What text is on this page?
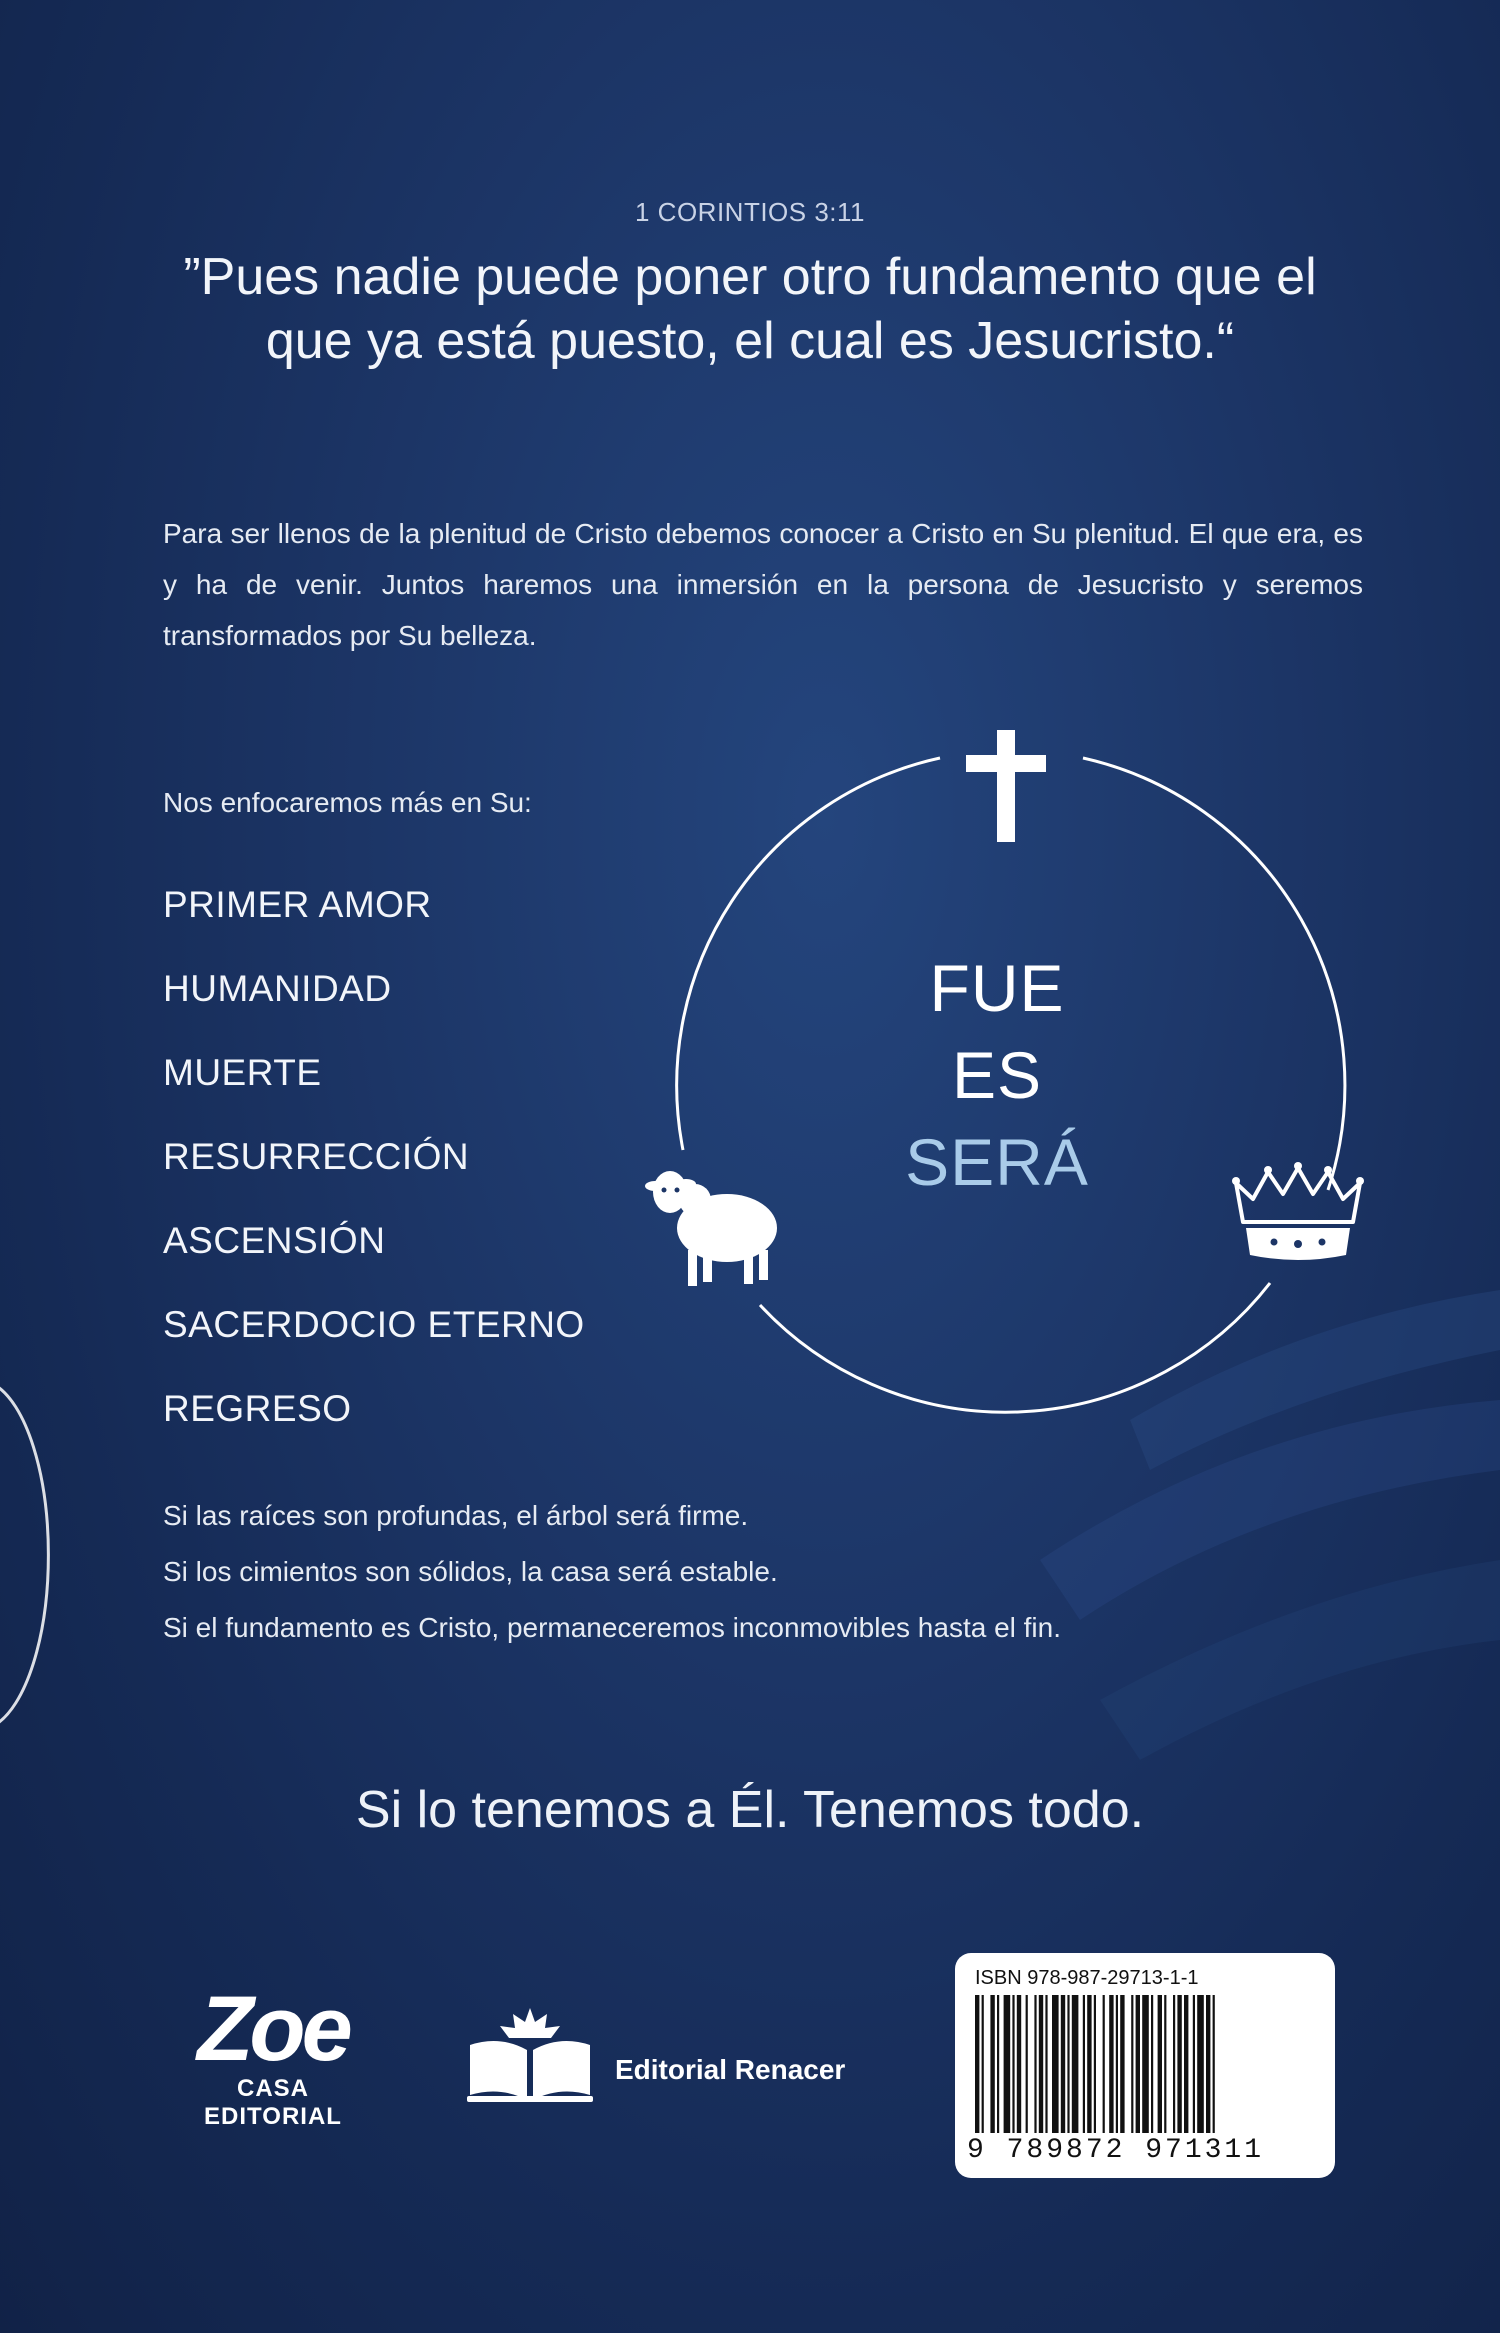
1 CORINTIOS 3:11
”Pues nadie puede poner otro fundamento que el que ya está puesto, el cual es Jesucristo.“
Para ser llenos de la plenitud de Cristo debemos conocer a Cristo en Su plenitud. El que era, es y ha de venir. Juntos haremos una inmersión en la persona de Jesucristo y seremos transformados por Su belleza.
Nos enfocaremos más en Su:
PRIMER AMOR
HUMANIDAD
MUERTE
RESURRECCIÓN
ASCENSIÓN
SACERDOCIO ETERNO
REGRESO
FUE
ES
SERÁ
Si las raíces son profundas, el árbol será firme.
Si los cimientos son sólidos, la casa será estable.
Si el fundamento es Cristo, permaneceremos inconmovibles hasta el fin.
Si lo tenemos a Él. Tenemos todo.
Zoe
CASA EDITORIAL
Editorial Renacer
ISBN 978-987-29713-1-1
9 789872 971311
